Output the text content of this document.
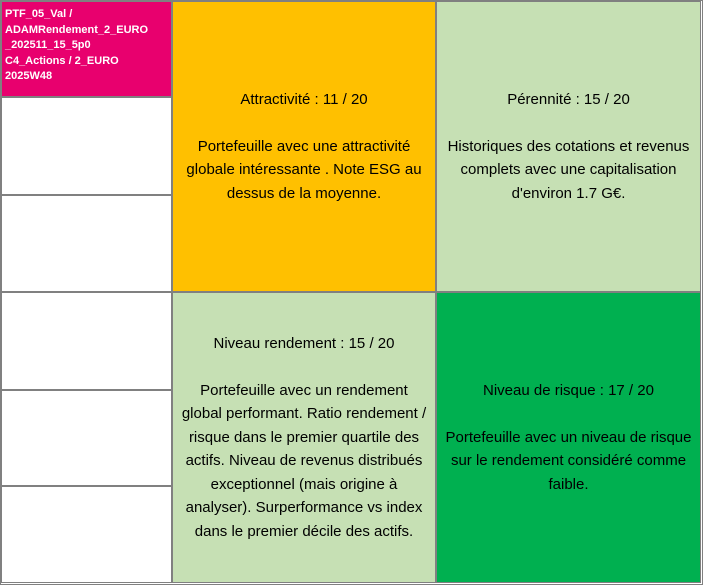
PTF_05_Val /
ADAMRendement_2_EURO
_202511_15_5p0
C4_Actions / 2_EURO
2025W48
Attractivité : 11 / 20
Portefeuille avec une attractivité globale intéressante . Note ESG au dessus de la moyenne.
Pérennité : 15 / 20
Historiques des cotations et revenus complets avec une capitalisation d'environ 1.7 G€.
Niveau rendement : 15 / 20
Portefeuille avec un rendement global performant. Ratio rendement / risque dans le premier quartile des actifs. Niveau de revenus distribués exceptionnel (mais origine à analyser). Surperformance vs index dans le premier décile des actifs.
Niveau de risque : 17 / 20
Portefeuille avec un niveau de risque sur le rendement considéré comme faible.
